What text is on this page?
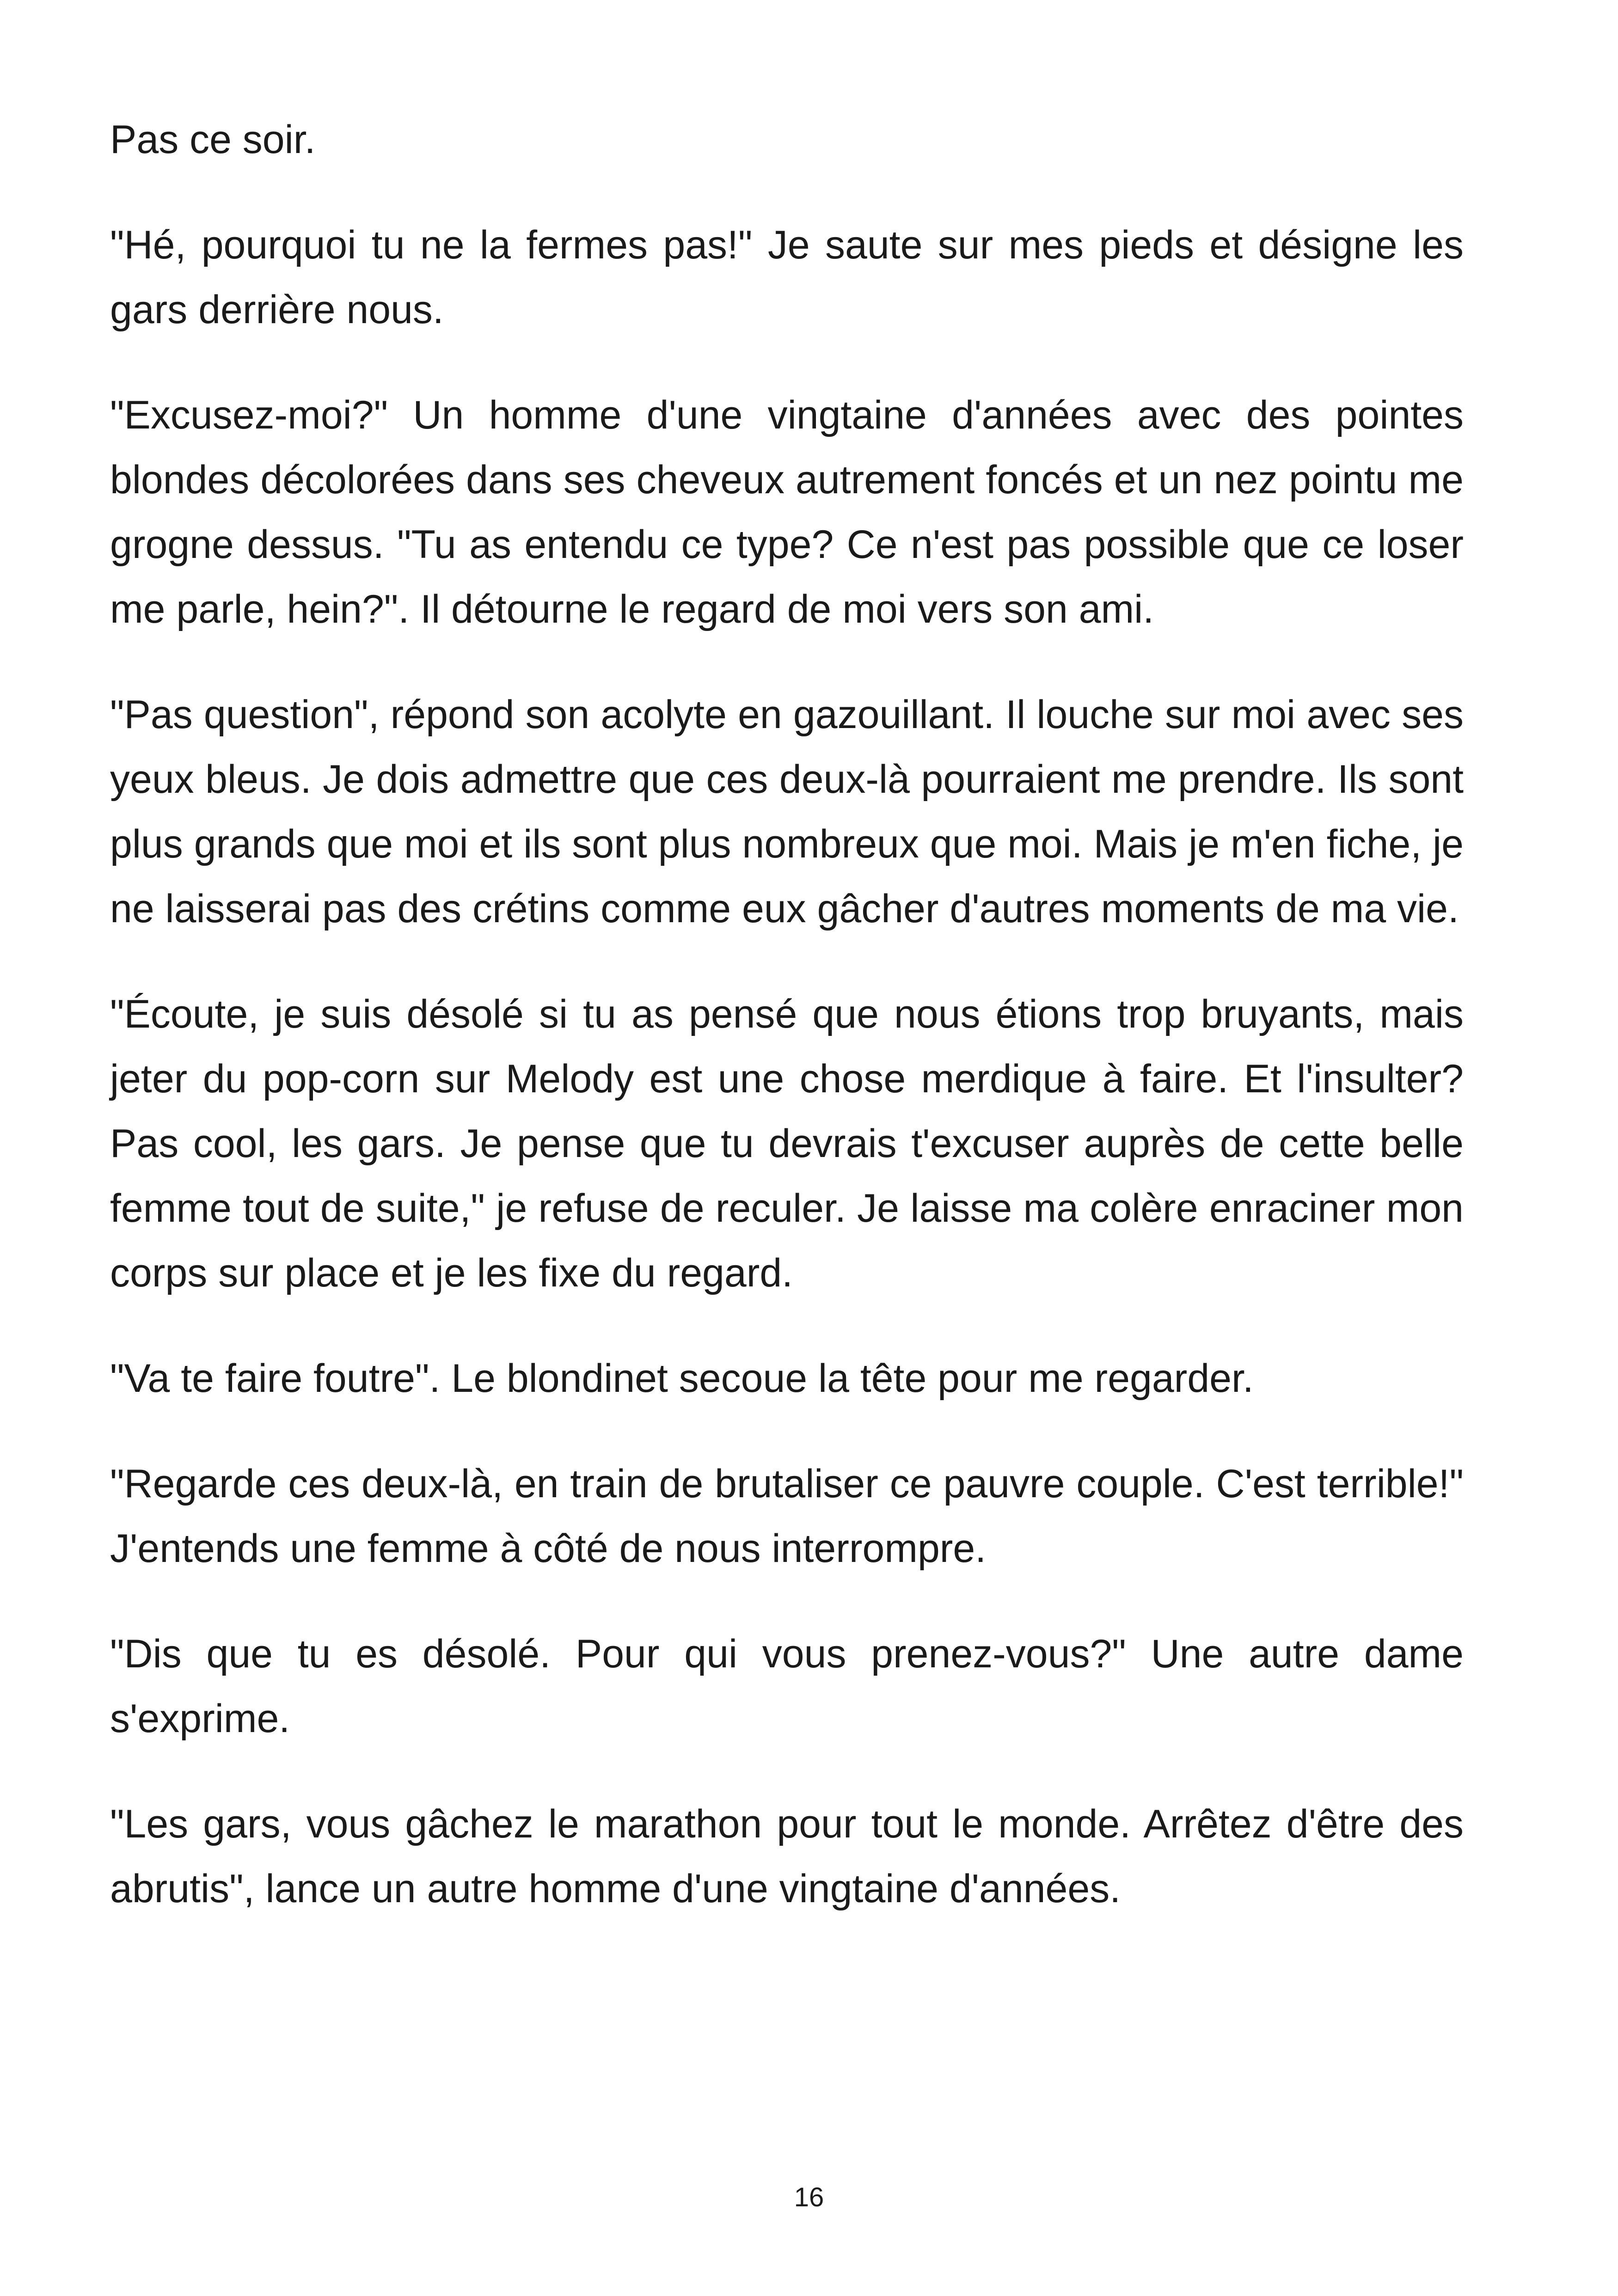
Pas ce soir.

"Hé, pourquoi tu ne la fermes pas!" Je saute sur mes pieds et désigne les gars derrière nous.

"Excusez-moi?" Un homme d'une vingtaine d'années avec des pointes blondes décolorées dans ses cheveux autrement foncés et un nez pointu me grogne dessus. "Tu as entendu ce type? Ce n'est pas possible que ce loser me parle, hein?". Il détourne le regard de moi vers son ami.

"Pas question", répond son acolyte en gazouillant. Il louche sur moi avec ses yeux bleus. Je dois admettre que ces deux-là pourraient me prendre. Ils sont plus grands que moi et ils sont plus nombreux que moi. Mais je m'en fiche, je ne laisserai pas des crétins comme eux gâcher d'autres moments de ma vie.

"Écoute, je suis désolé si tu as pensé que nous étions trop bruyants, mais jeter du pop-corn sur Melody est une chose merdique à faire. Et l'insulter? Pas cool, les gars. Je pense que tu devrais t'excuser auprès de cette belle femme tout de suite," je refuse de reculer. Je laisse ma colère enraciner mon corps sur place et je les fixe du regard.

"Va te faire foutre". Le blondinet secoue la tête pour me regarder.

"Regarde ces deux-là, en train de brutaliser ce pauvre couple. C'est terrible!" J'entends une femme à côté de nous interrompre.

"Dis que tu es désolé. Pour qui vous prenez-vous?" Une autre dame s'exprime.

"Les gars, vous gâchez le marathon pour tout le monde. Arrêtez d'être des abrutis", lance un autre homme d'une vingtaine d'années.

16
